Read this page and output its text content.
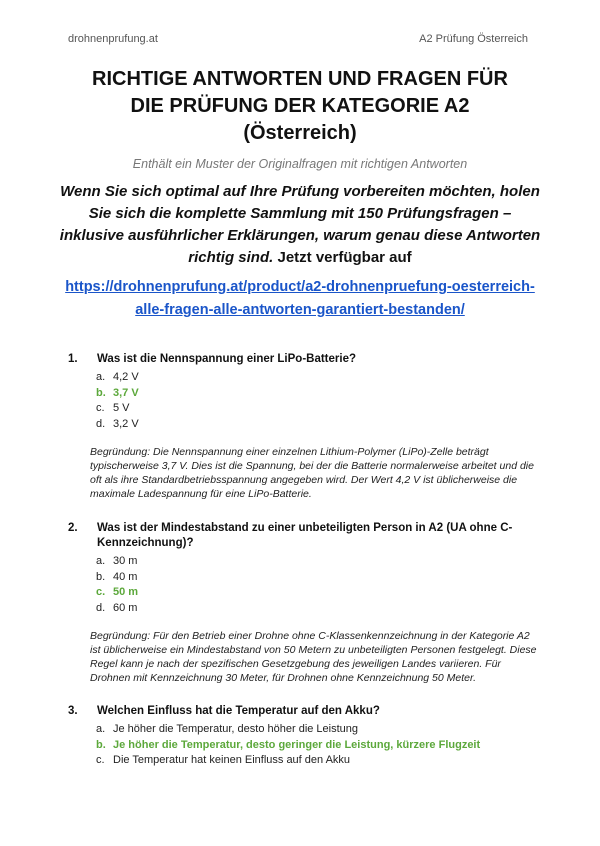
drohnenprufung.at	A2 Prüfung Österreich
RICHTIGE ANTWORTEN UND FRAGEN FÜR
DIE PRÜFUNG DER KATEGORIE A2
(Österreich)
Enthält ein Muster der Originalfragen mit richtigen Antworten
Wenn Sie sich optimal auf Ihre Prüfung vorbereiten möchten, holen Sie sich die komplette Sammlung mit 150 Prüfungsfragen – inklusive ausführlicher Erklärungen, warum genau diese Antworten richtig sind. Jetzt verfügbar auf
https://drohnenprufung.at/product/a2-drohnenpruefung-oesterreich-alle-fragen-alle-antworten-garantiert-bestanden/
1.	Was ist die Nennspannung einer LiPo-Batterie?
a. 4,2 V
b. 3,7 V
c. 5 V
d. 3,2 V
Begründung: Die Nennspannung einer einzelnen Lithium-Polymer (LiPo)-Zelle beträgt typischerweise 3,7 V. Dies ist die Spannung, bei der die Batterie normalerweise arbeitet und die oft als ihre Standardbetriebsspannung angegeben wird. Der Wert 4,2 V ist üblicherweise die maximale Ladespannung für eine LiPo-Batterie.
2.	Was ist der Mindestabstand zu einer unbeteiligten Person in A2 (UA ohne C-Kennzeichnung)?
a. 30 m
b. 40 m
c. 50 m
d. 60 m
Begründung: Für den Betrieb einer Drohne ohne C-Klassenkennzeichnung in der Kategorie A2 ist üblicherweise ein Mindestabstand von 50 Metern zu unbeteiligten Personen festgelegt. Diese Regel kann je nach der spezifischen Gesetzgebung des jeweiligen Landes variieren. Für Drohnen mit Kennzeichnung 30 Meter, für Drohnen ohne Kennzeichnung 50 Meter.
3.	Welchen Einfluss hat die Temperatur auf den Akku?
a. Je höher die Temperatur, desto höher die Leistung
b. Je höher die Temperatur, desto geringer die Leistung, kürzere Flugzeit
c. Die Temperatur hat keinen Einfluss auf den Akku
